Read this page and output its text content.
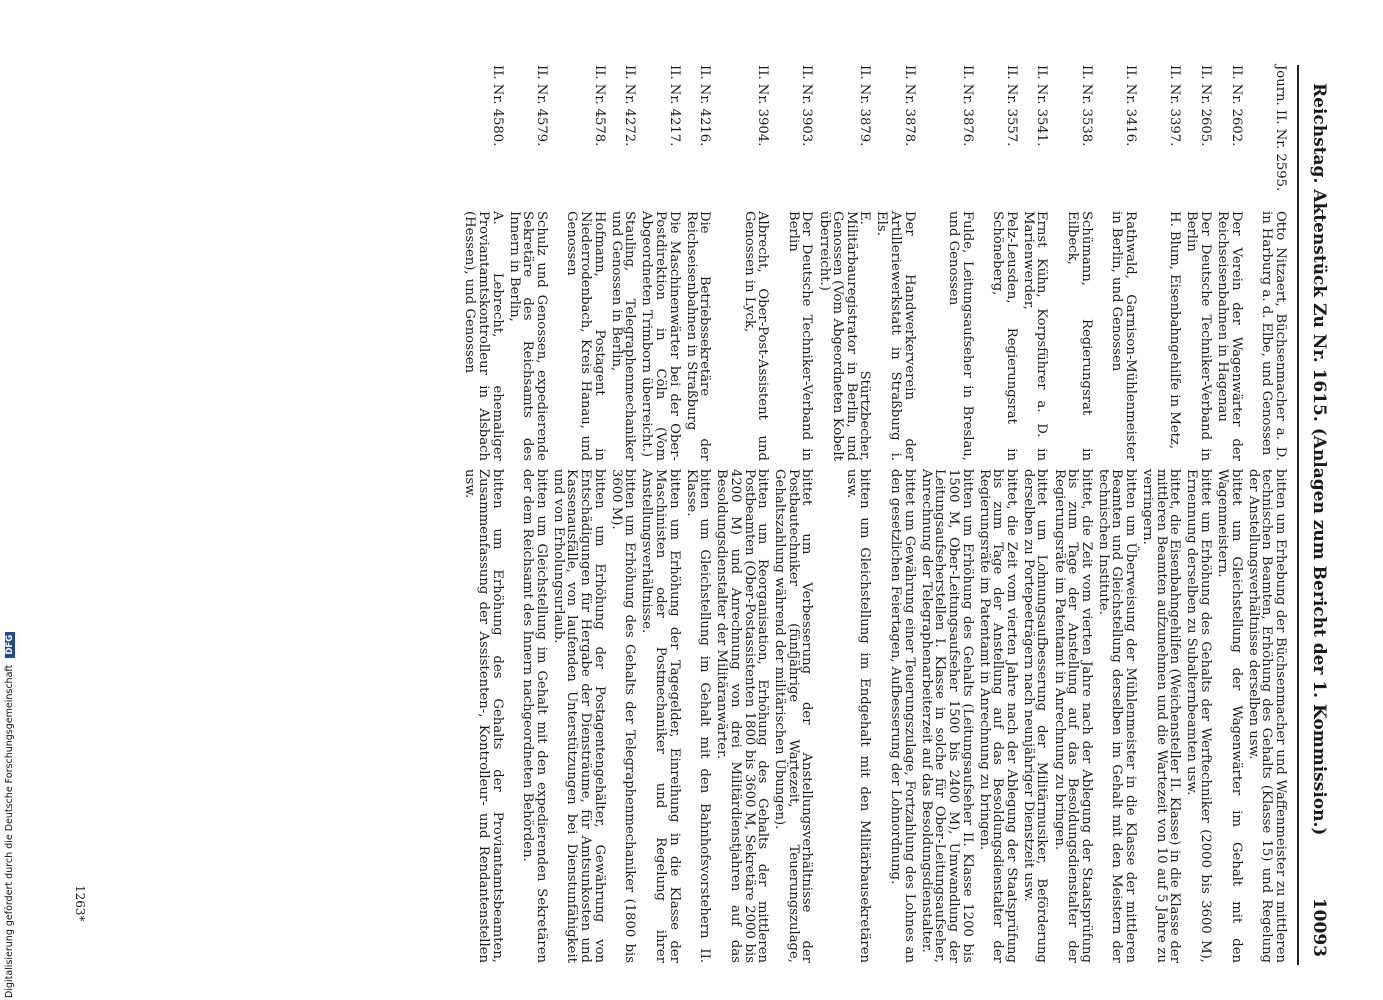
Reichstag. Aktenstück Zu Nr. 1615. (Anlagen zum Bericht der 1. Kommission.)
10093
Journ. II. Nr. 2595.
Otto Nitzaert, Büchsenmacher a. D. in Harburg a. d. Elbe, und Genossen
bitten um Erhebung der Büchsenmacher und Waffenmeister zu mittleren technischen Beamten, Erhöhung des Gehalts (Klasse 15) und Regelung der Anstellungsverhältnisse derselben usw.
II. Nr. 2602.
Der Verein der Wagenwärter der Reichseisenbahnen in Hagenau
bittet um Gleichstellung der Wagenwärter im Gehalt mit den Wagenmeistern.
II. Nr. 2605.
Der Deutsche Techniker-Verband in Berlin
bittet um Erhöhung des Gehalts der Werftechniker (2000 bis 3600 M), Ernennung derselben zu Subalternbeamten usw.
II. Nr. 3397.
H. Blum, Eisenbahngehilfe in Metz,
bittet, die Eisenbahngehilfen (Weichensteller II. Klasse) in die Klasse der mittleren Beamten aufzunehmen und die Wartezeit von 10 auf 5 Jahre zu verringern.
II. Nr. 3416.
Rathwald, Garnison-Mühlenmeister in Berlin, und Genossen
bitten um Überweisung der Mühlenmeister in die Klasse der mittleren Beamten und Gleichstellung derselben im Gehalt mit den Meistern der technischen Institute.
II. Nr. 3538.
Schümann, Regierungsrat in Eilbeck,
bittet, die Zeit vom vierten Jahre nach der Ablegung der Staatsprüfung bis zum Tage der Anstellung auf das Besoldungsdienstalter der Regierungsräte im Patentamt in Anrechnung zu bringen.
II. Nr. 3541.
Ernst Kühn, Korpsführer a. D. in Marienwerder,
bittet um Lohnungsaufbesserung der Militärmusiker, Beförderung derselben zu Portepeeträgern nach neunjähriger Dienstzeit usw.
II. Nr. 3557.
Pelz-Leusden, Regierungsrat in Schöneberg,
bittet, die Zeit vom vierten Jahre nach der Ablegung der Staatsprüfung bis zum Tage der Anstellung auf das Besoldungsdienstalter der Regierungsräte im Patentamt in Anrechnung zu bringen.
II. Nr. 3876.
Fulde, Leitungsaufseher in Breslau, und Genossen
bitten um Erhöhung des Gehalts (Leitungsaufseher II. Klasse 1200 bis 1500 M, Ober-Leitungsaufseher 1500 bis 2400 M), Umwandlung der Leitungsaufseherstellen I. Klasse in solche für Ober-Leitungsaufseher, Anrechnung der Telegraphenarbeiterzeit auf das Besoldungsdienstalter.
II. Nr. 3878.
Der Handwerkerverein der Artilleriewerkstatt in Straßburg i. Els.
bittet um Gewährung einer Teuerungszulage, Fortzahlung des Lohnes an den gesetzlichen Feiertagen, Aufbesserung der Lohnordnung.
II. Nr. 3879.
E. Stürtzbecher, Militärbauregistrator in Berlin, und Genossen (Vom Abgeordneten Kobelt überreicht.)
bitten um Gleichstellung im Endgehalt mit den Militärbausekretären usw.
II. Nr. 3903.
Der Deutsche Techniker-Verband in Berlin
bittet um Verbesserung der Anstellungsverhältnisse der Postbautechniker (fünfjährige Wartezeit, Teuerungszulage, Gehaltszahlung während der militärischen Übungen).
II. Nr. 3904.
Albrecht, Ober-Post-Assistent und Genossen in Lyck,
bitten um Reorganisation, Erhöhung des Gehalts der mittleren Postbeamten (Ober-Postassistenten 1800 bis 3600 M, Sekretäre 2000 bis 4200 M) und Anrechnung von drei Militärdienstjahren auf das Besoldungsdienstalter der Militäranwärter.
II. Nr. 4216.
Die Betriebssekretäre der Reichseisenbahnen in Straßburg
bitten um Gleichstellung im Gehalt mit den Bahnhofsvorstehern II. Klasse.
II. Nr. 4217.
Die Maschinenwärter bei der Ober-Postdirektion in Cöln (Vom Abgeordneten Trimborn überreicht.)
bitten um Erhöhung der Tagegelder, Einreihung in die Klasse der Maschinisten oder Postmechaniker und Regelung ihrer Anstellungsverhältnisse.
II. Nr. 4272.
Stauling, Telegraphenmechaniker und Genossen in Berlin,
bitten um Erhöhung des Gehalts der Telegraphenmechaniker (1800 bis 3600 M).
II. Nr. 4578.
Hofmann, Postagent in Niederrodenbach, Kreis Hanau, und Genossen
bitten um Erhöhung der Postagentengehälter, Gewährung von Entschädigungen für Hergabe der Diensträume, für Amtsunkosten und Kassenausfälle, von laufenden Unterstützungen bei Dienstunfähigkeit und von Erholungsurlaub.
II. Nr. 4579.
Schulz und Genossen, expedierende Sekretäre des Reichsamts des Innern in Berlin,
bitten um Gleichstellung im Gehalt mit den expedierenden Sekretären der dem Reichsamt des Innern nachgeordneten Behörden.
II. Nr. 4580.
A. Lebrecht, ehemaliger Proviantamtskontrolleur in Alsbach (Hessen), und Genossen
bitten um Erhöhung des Gehalts der Proviantamtsbeamten, Zusammenfassung der Assistenten-, Kontrolleur- und Rendantenstellen usw.
1263*
Digitalisierung gefördert durch die Deutsche Forschungsgemeinschaft DFG
